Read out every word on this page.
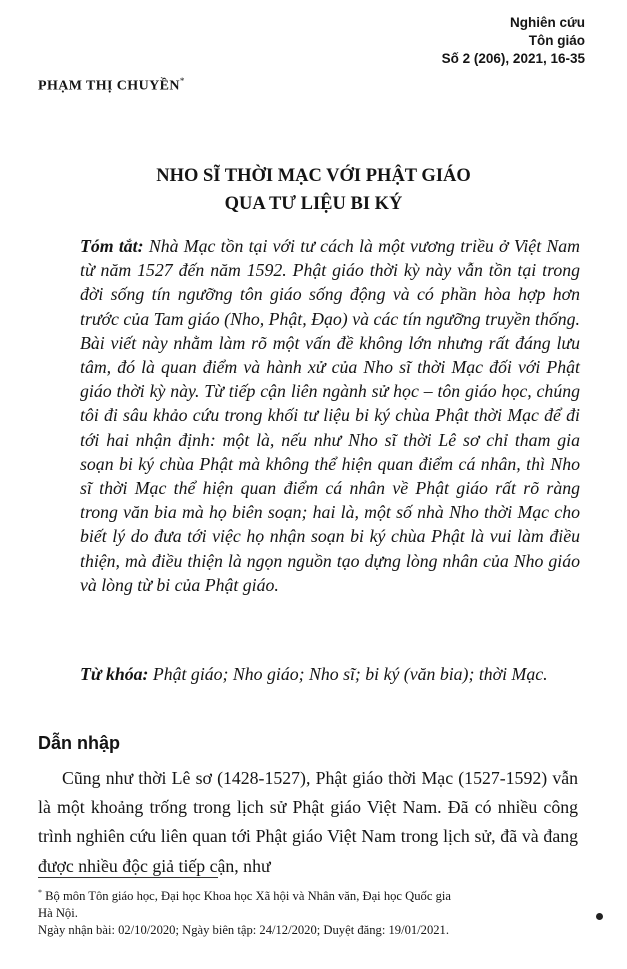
Nghiên cứu
Tôn giáo
Số 2 (206), 2021, 16-35
PHẠM THỊ CHUYỀN*
NHO SĨ THỜI MẠC VỚI PHẬT GIÁO
QUA TƯ LIỆU BI KÝ
Tóm tắt: Nhà Mạc tồn tại với tư cách là một vương triều ở Việt Nam từ năm 1527 đến năm 1592. Phật giáo thời kỳ này vẫn tồn tại trong đời sống tín ngưỡng tôn giáo sống động và có phần hòa hợp hơn trước của Tam giáo (Nho, Phật, Đạo) và các tín ngưỡng truyền thống. Bài viết này nhằm làm rõ một vấn đề không lớn nhưng rất đáng lưu tâm, đó là quan điểm và hành xử của Nho sĩ thời Mạc đối với Phật giáo thời kỳ này. Từ tiếp cận liên ngành sử học – tôn giáo học, chúng tôi đi sâu khảo cứu trong khối tư liệu bi ký chùa Phật thời Mạc để đi tới hai nhận định: một là, nếu như Nho sĩ thời Lê sơ chỉ tham gia soạn bi ký chùa Phật mà không thể hiện quan điểm cá nhân, thì Nho sĩ thời Mạc thể hiện quan điểm cá nhân về Phật giáo rất rõ ràng trong văn bia mà họ biên soạn; hai là, một số nhà Nho thời Mạc cho biết lý do đưa tới việc họ nhận soạn bi ký chùa Phật là vui làm điều thiện, mà điều thiện là ngọn nguồn tạo dựng lòng nhân của Nho giáo và lòng từ bi của Phật giáo.
Từ khóa: Phật giáo; Nho giáo; Nho sĩ; bi ký (văn bia); thời Mạc.
Dẫn nhập
Cũng như thời Lê sơ (1428-1527), Phật giáo thời Mạc (1527-1592) vẫn là một khoảng trống trong lịch sử Phật giáo Việt Nam. Đã có nhiều công trình nghiên cứu liên quan tới Phật giáo Việt Nam trong lịch sử, đã và đang được nhiều độc giả tiếp cận, như
* Bộ môn Tôn giáo học, Đại học Khoa học Xã hội và Nhân văn, Đại học Quốc gia
Hà Nội.
Ngày nhận bài: 02/10/2020; Ngày biên tập: 24/12/2020; Duyệt đăng: 19/01/2021.
